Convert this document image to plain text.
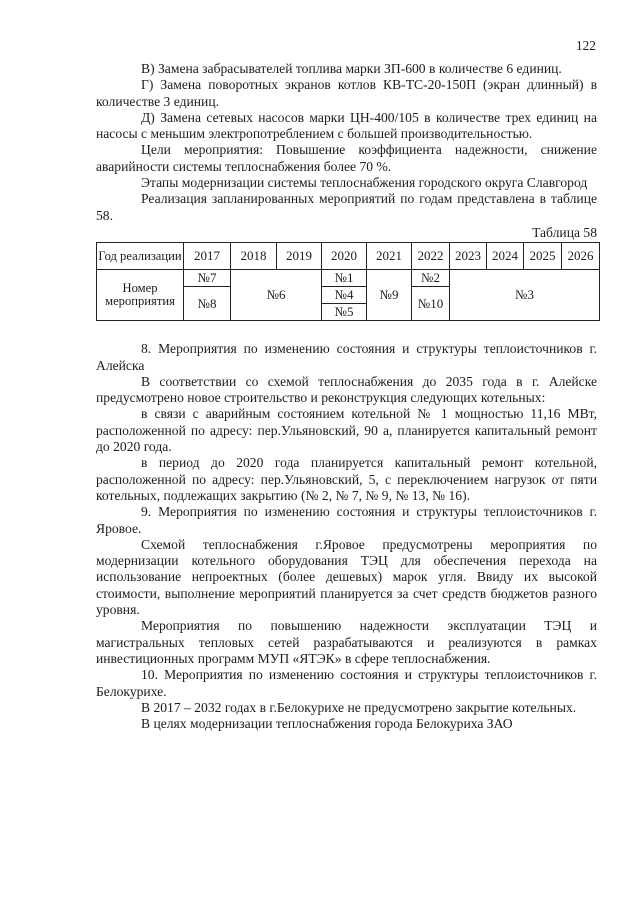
122

В) Замена забрасывателей топлива марки ЗП-600 в количестве 6 единиц.

Г) Замена поворотных экранов котлов КВ-ТС-20-150П (экран длинный) в количестве 3 единиц.

Д) Замена сетевых насосов марки ЦН-400/105 в количестве трех единиц на насосы с меньшим электропотреблением с большей производительностью.

Цели мероприятия: Повышение коэффициента надежности, снижение аварийности системы теплоснабжения более 70 %.

Этапы модернизации системы теплоснабжения городского округа Славгород

Реализация запланированных мероприятий по годам представлена в таблице 58.

Таблица 58
Год реализации	2017	2018	2019	2020	2021	2022	2023	2024	2025	2026
Номер мероприятия	№7	№6		№1	№9	№2	№3			
	№8			№4		№10				
				№5						

8. Мероприятия по изменению состояния и структуры теплоисточников г. Алейска

В соответствии со схемой теплоснабжения до 2035 года в г. Алейске предусмотрено новое строительство и реконструкция следующих котельных:

в связи с аварийным состоянием котельной № 1 мощностью 11,16 МВт, расположенной по адресу: пер.Ульяновский, 90 а, планируется капитальный ремонт до 2020 года.

в период до 2020 года планируется капитальный ремонт котельной, расположенной по адресу: пер.Ульяновский, 5, с переключением нагрузок от пяти котельных, подлежащих закрытию (№ 2, № 7, № 9, № 13, № 16).

9. Мероприятия по изменению состояния и структуры теплоисточников г. Яровое.

Схемой теплоснабжения г.Яровое предусмотрены мероприятия по модернизации котельного оборудования ТЭЦ для обеспечения перехода на использование непроектных (более дешевых) марок угля. Ввиду их высокой стоимости, выполнение мероприятий планируется за счет средств бюджетов разного уровня.

Мероприятия по повышению надежности эксплуатации ТЭЦ и магистральных тепловых сетей разрабатываются и реализуются в рамках инвестиционных программ МУП «ЯТЭК» в сфере теплоснабжения.

10. Мероприятия по изменению состояния и структуры теплоисточников г. Белокурихе.

В 2017 – 2032 годах в г.Белокурихе не предусмотрено закрытие котельных.

В целях модернизации теплоснабжения города Белокуриха ЗАО
